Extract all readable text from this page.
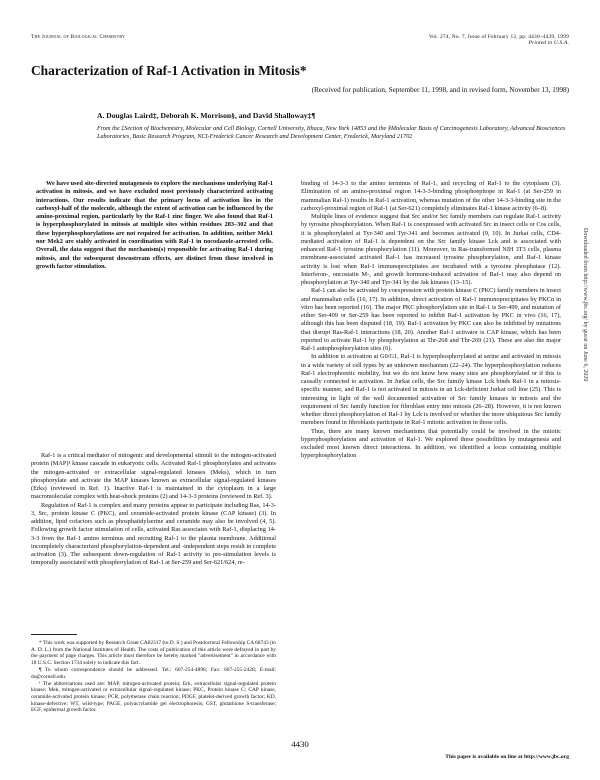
The Journal of Biological Chemistry	Vol. 274, No. 7, Issue of February 12, pp. 4430–4439, 1999
Printed in U.S.A.
Characterization of Raf-1 Activation in Mitosis*
(Received for publication, September 11, 1998, and in revised form, November 13, 1998)
A. Douglas Laird‡, Deborah K. Morrison§, and David Shalloway‡¶
From the ‡Section of Biochemistry, Molecular and Cell Biology, Cornell University, Ithaca, New York 14853 and the §Molecular Basis of Carcinogenesis Laboratory, Advanced Biosciences Laboratories, Basic Research Program, NCI-Frederick Cancer Research and Development Center, Frederick, Maryland 21702
We have used site-directed mutagenesis to explore the mechanisms underlying Raf-1 activation in mitosis, and we have excluded most previously characterized activating interactions. Our results indicate that the primary locus of activation lies in the carboxyl-half of the molecule, although the extent of activation can be influenced by the amino-proximal region, particularly by the Raf-1 zinc finger. We also found that Raf-1 is hyperphosphorylated in mitosis at multiple sites within residues 283–302 and that these hyperphosphorylations are not required for activation. In addition, neither Mek1 nor Mek2 are stably activated in coordination with Raf-1 in nocodazole-arrested cells. Overall, the data suggest that the mechanism(s) responsible for activating Raf-1 during mitosis, and the subsequent downstream effects, are distinct from those involved in growth factor stimulation.

Raf-1 is a critical mediator of mitogenic and developmental stimuli to the mitogen-activated protein (MAP)¹ kinase cascade in eukaryotic cells. Activated Raf-1 phosphorylates and activates the mitogen-activated or extracellular signal-regulated kinases (Meks), which in turn phosphorylate and activate the MAP kinases known as extracellular signal-regulated kinases (Erks) (reviewed in Ref. 1). Inactive Raf-1 is maintained in the cytoplasm in a large macromolecular complex with heat-shock proteins (2) and 14-3-3 proteins (reviewed in Ref. 3).

Regulation of Raf-1 is complex and many proteins appear to participate including Ras, 14-3-3, Src, protein kinase C (PKC), and ceramide-activated protein kinase (CAP kinase) (3). In addition, lipid cofactors such as phosphatidylserine and ceramide may also be involved (4, 5). Following growth factor stimulation of cells, activated Ras associates with Raf-1, displacing 14-3-3 from the Raf-1 amino terminus and recruiting Raf-1 to the plasma membrane. Additional incompletely characterized phosphorylation-dependent and -independent steps result in complete activation (3). The subsequent down-regulation of Raf-1 activity to pre-stimulation levels is temporally associated with phosphorylation of Raf-1 at Ser-259 and Ser-621/624, re-

binding of 14-3-3 to the amino terminus of Raf-1, and recycling of Raf-1 to the cytoplasm (3). Elimination of an amino-proximal region 14-3-3-binding phosphoepitope in Raf-1 (at Ser-259 in mammalian Raf-1) results in Raf-1 activation, whereas mutation of the other 14-3-3-binding site in the carboxyl-proximal region of Raf-1 (at Ser-621) completely eliminates Raf-1 kinase activity (6–8).

Multiple lines of evidence suggest that Src and/or Src family members can regulate Raf-1 activity by tyrosine phosphorylation. When Raf-1 is coexpressed with activated Src in insect cells or Cos cells, it is phosphorylated at Tyr-340 and Tyr-341 and becomes activated (9, 10). In Jurkat cells, CD4-mediated activation of Raf-1 is dependent on the Src family kinase Lck and is associated with enhanced Raf-1 tyrosine phosphorylation (11). Moreover, in Ras-transformed NIH 3T3 cells, plasma membrane-associated activated Raf-1 has increased tyrosine phosphorylation, and Raf-1 kinase activity is lost when Raf-1 immunoprecipitates are incubated with a tyrosine phosphatase (12). Interferon-, oncostatin M-, and growth hormone-induced activation of Raf-1 may also depend on phosphorylation at Tyr-340 and Tyr-341 by the Jak kinases (13–15).

Raf-1 can also be activated by coexpression with protein kinase C (PKC) family members in insect and mammalian cells (16, 17). In addition, direct activation of Raf-1 immunoprecipitates by PKCα in vitro has been reported (16). The major PKC phosphorylation site in Raf-1 is Ser-499, and mutation of either Ser-499 or Ser-259 has been reported to inhibit Raf-1 activation by PKC in vivo (16, 17), although this has been disputed (18, 19). Raf-1 activation by PKC can also be inhibited by mutations that disrupt Ras-Raf-1 interactions (18, 20). Another Raf-1 activator is CAP kinase, which has been reported to activate Raf-1 by phosphorylation at Thr-268 and Thr-269 (21). These are also the major Raf-1 autophosphorylation sites (6).

In addition to activation at G0/G1, Raf-1 is hyperphosphorylated at serine and activated in mitosis in a wide variety of cell types by an unknown mechanism (22–24). The hyperphosphorylation reduces Raf-1 electrophoretic mobility, but we do not know how many sites are phosphorylated or if this is causally connected to activation. In Jurkat cells, the Src family kinase Lck binds Raf-1 in a mitosis-specific manner, and Raf-1 is not activated in mitosis in an Lck-deficient Jurkat cell line (25). This is interesting in light of the well documented activation of Src family kinases in mitosis and the requirement of Src family function for fibroblast entry into mitosis (26–28). However, it is not known whether direct phosphorylation of Raf-1 by Lck is involved or whether the more ubiquitous Src family members found in fibroblasts participate in Raf-1 mitotic activation in those cells.

Thus, there are many known mechanisms that potentially could be involved in the mitotic hyperphosphorylation and activation of Raf-1. We explored these possibilities by mutagenesis and excluded most known direct interactions. In addition, we identified a locus containing multiple hyperphosphorylation

* This work was supported by Research Grant CA82317 (to D. S.) and Postdoctoral Fellowship CA 68743 (to A. D. L.) from the National Institutes of Health. The costs of publication of this article were defrayed in part by the payment of page charges. This article must therefore be hereby marked "advertisement" in accordance with 18 U.S.C. Section 1734 solely to indicate this fact.

¶ To whom correspondence should be addressed. Tel.: 607-254-4896; Fax: 607-255-2428; E-mail: ds@cornell.edu.

¹ The abbreviations used are: MAP, mitogen-activated protein; Erk, extracellular signal-regulated protein kinase; Mek, mitogen-activated or extracellular signal-regulated kinase; PKC, Protein kinase C; CAP kinase, ceramide-activated protein kinase; PCR, polymerase chain reaction; PDGF, platelet-derived growth factor; KD, kinase-defective; WT, wild-type; PAGE, polyacrylamide gel electrophoresis; GST, glutathione S-transferase; EGF, epidermal growth factor.

4430
This paper is available on line at http://www.jbc.org
Downloaded from http://www.jbc.org/ by guest on June 6, 2020
